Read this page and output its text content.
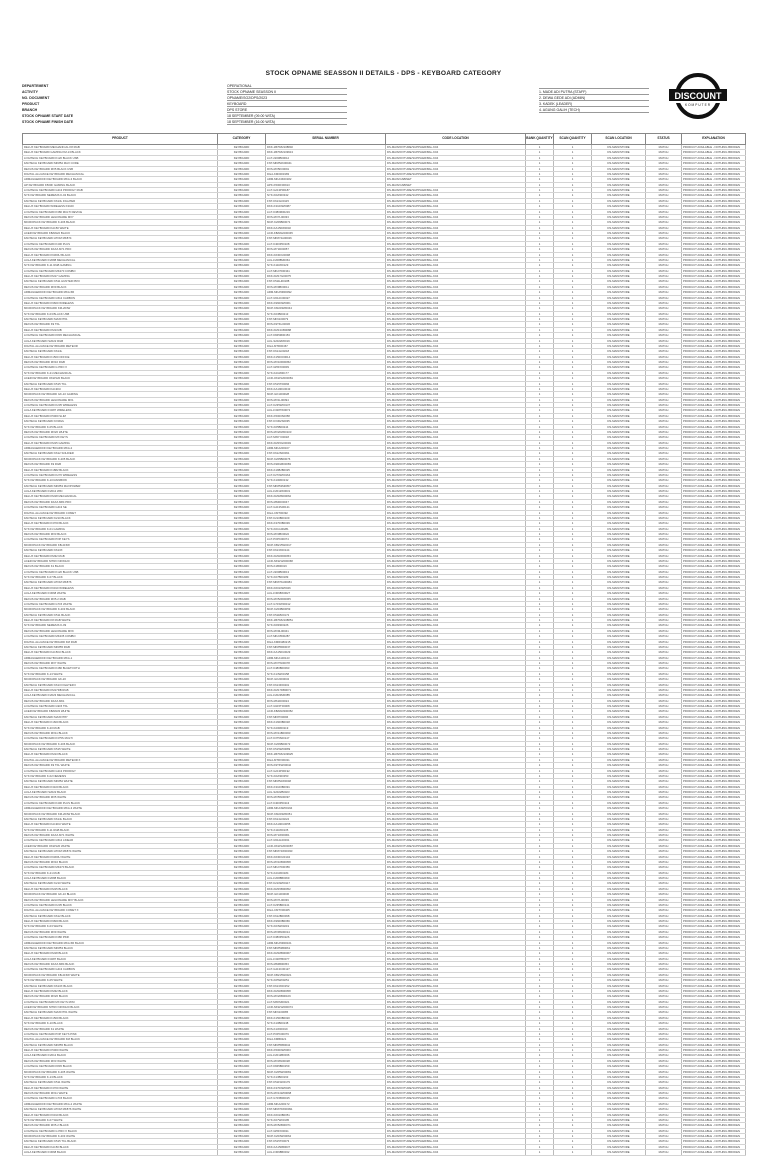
STOCK OPNAME SEASSON II DETAILS - DPS - KEYBOARD CATEGORY
DEPARTEMENT	OPERATIONAL
ACTIVITY	STOCK OPNAME SEASSON II
NO. DOCUMENT	OPNAME/SO2/DPS/2023
PRODUCT	KEYBOARD
BRANCH	DPS STORE
STOCK OPNAME START DATE	18 SEPTEMBER (09.00 WITA)
STOCK OPNAME FINISH DATE	18 SEPTEMBER (16.00 WITA)
1. MADE ADI PUTRA (STAFF)
2. DEWA GEDE ADI (ADMIN)
3. KADEK (LEADER)
4. AGUNG GALIH (TECH)
DISCOUNT
KOMPUTER
PRODUCT	CATEGORY	SERIAL NUMBER	CODE LOCATION	BANK QUANTITY	SCAN QUANTITY	SCAN LOCATION	STATUS	EXPLANATION
DELUX KEYBOARD MECHANICAL K8 RGB	KEYBOARD	DKK-1B7K82108840	DS-MAIN/FIXTURE/SUPPLIER/BAL-K04	1	1	DS-MAIN/STORE	MATCH	PRODUCT AVAILABLE - NOTHING BROKEN
DELUX KEYBOARD GAMING KM-13 BLACK	KEYBOARD	DKK-1B7K82109913	DS-MAIN/FIXTURE/SUPPLIER/BAL-K04	1	1	DS-MAIN/STORE	MATCH	PRODUCT AVAILABLE - NOTHING BROKEN
LOGITECH KEYBOARD K120 BLACK USB	KEYBOARD	LGT-2200B00012	DS-MAIN/FIXTURE/SUPPLIER/BAL-K04	1	1	DS-MAIN/STORE	MATCH	PRODUCT AVAILABLE - NOTHING BROKEN
FANTECH KEYBOARD MK852 MAX CORE	KEYBOARD	FNT-MK852K00041	DS-MAIN/FIXTURE/SUPPLIER/BAL-K04	1	1	DS-MAIN/STORE	MATCH	PRODUCT AVAILABLE - NOTHING BROKEN
REXUS KEYBOARD MX5 BLACK USB	KEYBOARD	RXS-MX5K00091	DS-MAIN/FIXTURE/SUPPLIER/BAL-K04	1	1	DS-MAIN/STORE	MATCH	PRODUCT AVAILABLE - NOTHING BROKEN
DIGITAL ALLIANCE KEYBOARD MECHANICAL	KEYBOARD	DGA-KM0001983	DS-MAIN/FIXTURE/SUPPLIER/BAL-K04	1	1	DS-MAIN/STORE	MATCH	PRODUCT AVAILABLE - NOTHING BROKEN
ARMAGGEDDON KEYBOARD MKA-3 BLACK	KEYBOARD	ARM-MKA3K00182	DS-MAIN/CABINET	1	1	DS-MAIN/STORE	MATCH	PRODUCT AVAILABLE - NOTHING BROKEN
HP KEYBOARD K500F GAMING BLACK	KEYBOARD	HPK-K500F00913	DS-MAIN/CABINET	1	1	DS-MAIN/STORE	MATCH	PRODUCT AVAILABLE - NOTHING BROKEN
LOGITECH KEYBOARD G213 PRODIGY RGB	KEYBOARD	LGT-G213P00187	DS-MAIN/FIXTURE/SUPPLIER/BAL-K04	1	1	DS-MAIN/STORE	MATCH	PRODUCT AVAILABLE - NOTHING BROKEN
NYK KEYBOARD NEMESIS K-02 BLACK	KEYBOARD	NYK-K02N00342	DS-MAIN/FIXTURE/SUPPLIER/BAL-K04	1	1	DS-MAIN/STORE	MATCH	PRODUCT AVAILABLE - NOTHING BROKEN
FANTECH KEYBOARD K613L FIGHTER	KEYBOARD	FNT-K613L00115	DS-MAIN/FIXTURE/SUPPLIER/BAL-K04	1	1	DS-MAIN/STORE	MATCH	PRODUCT AVAILABLE - NOTHING BROKEN
DELUX KEYBOARD WIRELESS K3100	KEYBOARD	DKK-K3100W0087	DS-MAIN/FIXTURE/SUPPLIER/BAL-K04	1	1	DS-MAIN/STORE	MATCH	PRODUCT AVAILABLE - NOTHING BROKEN
LOGITECH KEYBOARD K380 MULTI DEVICE	KEYBOARD	LGT-K380M00219	DS-MAIN/FIXTURE/SUPPLIER/BAL-K04	1	1	DS-MAIN/STORE	MATCH	PRODUCT AVAILABLE - NOTHING BROKEN
REXUS KEYBOARD LEGIONARE MX7	KEYBOARD	RXS-MX7L00033	DS-MAIN/FIXTURE/SUPPLIER/BAL-K04	1	1	DS-MAIN/STORE	MATCH	PRODUCT AVAILABLE - NOTHING BROKEN
MICROPACK KEYBOARD K-206 BLACK	KEYBOARD	MCP-K206B00071	DS-MAIN/FIXTURE/SUPPLIER/BAL-K04	1	1	DS-MAIN/STORE	MATCH	PRODUCT AVAILABLE - NOTHING BROKEN
DELUX KEYBOARD KA150 WHITE	KEYBOARD	DKK-KA150W0032	DS-MAIN/FIXTURE/SUPPLIER/BAL-K04	1	1	DS-MAIN/STORE	MATCH	PRODUCT AVAILABLE - NOTHING BROKEN
ACER KEYBOARD KBAW22 BLACK	KEYBOARD	ACR-KBAW2200045	DS-MAIN/FIXTURE/SUPPLIER/BAL-K04	1	1	DS-MAIN/STORE	MATCH	PRODUCT AVAILABLE - NOTHING BROKEN
FANTECH KEYBOARD ATOM MK874	KEYBOARD	FNT-MK874A00026	DS-MAIN/FIXTURE/SUPPLIER/BAL-K04	1	1	DS-MAIN/STORE	MATCH	PRODUCT AVAILABLE - NOTHING BROKEN
LOGITECH KEYBOARD K400 PLUS	KEYBOARD	LGT-K400P00108	DS-MAIN/FIXTURE/SUPPLIER/BAL-K04	1	1	DS-MAIN/STORE	MATCH	PRODUCT AVAILABLE - NOTHING BROKEN
REXUS KEYBOARD DAXA M71 PRO	KEYBOARD	RXS-M71D00057	DS-MAIN/FIXTURE/SUPPLIER/BAL-K04	1	1	DS-MAIN/STORE	MATCH	PRODUCT AVAILABLE - NOTHING BROKEN
DELUX KEYBOARD K6300U BLACK	KEYBOARD	DKK-K6300U0098	DS-MAIN/FIXTURE/SUPPLIER/BAL-K04	1	1	DS-MAIN/STORE	MATCH	PRODUCT AVAILABLE - NOTHING BROKEN
AULA KEYBOARD F2088 MECHANICAL	KEYBOARD	AUL-F2088M0064	DS-MAIN/FIXTURE/SUPPLIER/BAL-K04	1	1	DS-MAIN/STORE	MATCH	PRODUCT AVAILABLE - NOTHING BROKEN
NYK KEYBOARD K-11 RGB GAMING	KEYBOARD	NYK-K11R00129	DS-MAIN/FIXTURE/SUPPLIER/BAL-K04	1	1	DS-MAIN/STORE	MATCH	PRODUCT AVAILABLE - NOTHING BROKEN
LOGITECH KEYBOARD MK270 COMBO	KEYBOARD	LGT-MK27000341	DS-MAIN/FIXTURE/SUPPLIER/BAL-K04	1	1	DS-MAIN/STORE	MATCH	PRODUCT AVAILABLE - NOTHING BROKEN
DELUX KEYBOARD KM17 GAMING	KEYBOARD	DKK-KM17G00075	DS-MAIN/FIXTURE/SUPPLIER/BAL-K04	1	1	DS-MAIN/STORE	MATCH	PRODUCT AVAILABLE - NOTHING BROKEN
FANTECH KEYBOARD K511 HUNTER PRO	KEYBOARD	FNT-K511H00188	DS-MAIN/FIXTURE/SUPPLIER/BAL-K04	1	1	DS-MAIN/STORE	MATCH	PRODUCT AVAILABLE - NOTHING BROKEN
REXUS KEYBOARD MX9 BLACK	KEYBOARD	RXS-MX9B00011	DS-MAIN/FIXTURE/SUPPLIER/BAL-K04	1	1	DS-MAIN/STORE	MATCH	PRODUCT AVAILABLE - NOTHING BROKEN
ARMAGGEDDON KEYBOARD MKA-5R	KEYBOARD	ARM-MKA5R00092	DS-MAIN/FIXTURE/SUPPLIER/BAL-K04	1	1	DS-MAIN/STORE	MATCH	PRODUCT AVAILABLE - NOTHING BROKEN
LOGITECH KEYBOARD G512 CARBON	KEYBOARD	LGT-G512C00027	DS-MAIN/FIXTURE/SUPPLIER/BAL-K04	1	1	DS-MAIN/STORE	MATCH	PRODUCT AVAILABLE - NOTHING BROKEN
DELUX KEYBOARD K9600 WIRELESS	KEYBOARD	DKK-K9600W0061	DS-MAIN/FIXTURE/SUPPLIER/BAL-K04	1	1	DS-MAIN/STORE	MATCH	PRODUCT AVAILABLE - NOTHING BROKEN
MICROPACK KEYBOARD KM-203W	KEYBOARD	MCP-KM203W0044	DS-MAIN/FIXTURE/SUPPLIER/BAL-K04	1	1	DS-MAIN/STORE	MATCH	PRODUCT AVAILABLE - NOTHING BROKEN
NYK KEYBOARD K-03 BLACK USB	KEYBOARD	NYK-K03B00213	DS-MAIN/FIXTURE/SUPPLIER/BAL-K04	1	1	DS-MAIN/STORE	MATCH	PRODUCT AVAILABLE - NOTHING BROKEN
FANTECH KEYBOARD MAXFIT61	KEYBOARD	FNT-MF6100079	DS-MAIN/FIXTURE/SUPPLIER/BAL-K04	1	1	DS-MAIN/STORE	MATCH	PRODUCT AVAILABLE - NOTHING BROKEN
REXUS KEYBOARD K9 TKL	KEYBOARD	RXS-K9TKL00036	DS-MAIN/FIXTURE/SUPPLIER/BAL-K04	1	1	DS-MAIN/STORE	MATCH	PRODUCT AVAILABLE - NOTHING BROKEN
DELUX KEYBOARD KM13UB	KEYBOARD	DKK-KM13UB0088	DS-MAIN/FIXTURE/SUPPLIER/BAL-K04	1	1	DS-MAIN/STORE	MATCH	PRODUCT AVAILABLE - NOTHING BROKEN
LOGITECH KEYBOARD K845 MECHANICAL	KEYBOARD	LGT-K845M00153	DS-MAIN/FIXTURE/SUPPLIER/BAL-K04	1	1	DS-MAIN/STORE	MATCH	PRODUCT AVAILABLE - NOTHING BROKEN
AULA KEYBOARD S2022 RGB	KEYBOARD	AUL-S2022R0019	DS-MAIN/FIXTURE/SUPPLIER/BAL-K04	1	1	DS-MAIN/STORE	MATCH	PRODUCT AVAILABLE - NOTHING BROKEN
DIGITAL ALLIANCE KEYBOARD METEOR	KEYBOARD	DGA-MTR00467	DS-MAIN/FIXTURE/SUPPLIER/BAL-K04	1	1	DS-MAIN/STORE	MATCH	PRODUCT AVAILABLE - NOTHING BROKEN
FANTECH KEYBOARD K614L	KEYBOARD	FNT-K614L00218	DS-MAIN/FIXTURE/SUPPLIER/BAL-K04	1	1	DS-MAIN/STORE	MATCH	PRODUCT AVAILABLE - NOTHING BROKEN
DELUX KEYBOARD K1500 OFFICE	KEYBOARD	DKK-K1500O0014	DS-MAIN/FIXTURE/SUPPLIER/BAL-K04	1	1	DS-MAIN/STORE	MATCH	PRODUCT AVAILABLE - NOTHING BROKEN
REXUS KEYBOARD MX10 RGB	KEYBOARD	RXS-MX10R00052	DS-MAIN/FIXTURE/SUPPLIER/BAL-K04	1	1	DS-MAIN/STORE	MATCH	PRODUCT AVAILABLE - NOTHING BROKEN
LOGITECH KEYBOARD G PRO X	KEYBOARD	LGT-GPRX00009	DS-MAIN/FIXTURE/SUPPLIER/BAL-K04	1	1	DS-MAIN/STORE	MATCH	PRODUCT AVAILABLE - NOTHING BROKEN
NYK KEYBOARD K-21 MECHANICAL	KEYBOARD	NYK-K21M00177	DS-MAIN/FIXTURE/SUPPLIER/BAL-K04	1	1	DS-MAIN/STORE	MATCH	PRODUCT AVAILABLE - NOTHING BROKEN
ACER KEYBOARD OKW120 BLACK	KEYBOARD	ACR-OKW12000081	DS-MAIN/FIXTURE/SUPPLIER/BAL-K04	1	1	DS-MAIN/STORE	MATCH	PRODUCT AVAILABLE - NOTHING BROKEN
FANTECH KEYBOARD K515 TKL	KEYBOARD	FNT-K515T00066	DS-MAIN/FIXTURE/SUPPLIER/BAL-K04	1	1	DS-MAIN/STORE	MATCH	PRODUCT AVAILABLE - NOTHING BROKEN
DELUX KEYBOARD KA190U	KEYBOARD	DKK-KA190U0043	DS-MAIN/FIXTURE/SUPPLIER/BAL-K04	1	1	DS-MAIN/STORE	MATCH	PRODUCT AVAILABLE - NOTHING BROKEN
MICROPACK KEYBOARD GK-10 GAMING	KEYBOARD	MCP-GK1000028	DS-MAIN/FIXTURE/SUPPLIER/BAL-K04	1	1	DS-MAIN/STORE	MATCH	PRODUCT AVAILABLE - NOTHING BROKEN
REXUS KEYBOARD LEGIONARE MX1	KEYBOARD	RXS-MX1L00094	DS-MAIN/FIXTURE/SUPPLIER/BAL-K04	1	1	DS-MAIN/STORE	MATCH	PRODUCT AVAILABLE - NOTHING BROKEN
LOGITECH KEYBOARD K235 WIRELESS	KEYBOARD	LGT-K235W00137	DS-MAIN/FIXTURE/SUPPLIER/BAL-K04	1	1	DS-MAIN/STORE	MATCH	PRODUCT AVAILABLE - NOTHING BROKEN
AULA KEYBOARD F3287 WIRELESS	KEYBOARD	AUL-F3287W0072	DS-MAIN/FIXTURE/SUPPLIER/BAL-K04	1	1	DS-MAIN/STORE	MATCH	PRODUCT AVAILABLE - NOTHING BROKEN
DELUX KEYBOARD K5000 SLIM	KEYBOARD	DKK-K5000S0058	DS-MAIN/FIXTURE/SUPPLIER/BAL-K04	1	1	DS-MAIN/STORE	MATCH	PRODUCT AVAILABLE - NOTHING BROKEN
FANTECH KEYBOARD KX302s	KEYBOARD	FNT-KX302S0035	DS-MAIN/FIXTURE/SUPPLIER/BAL-K04	1	1	DS-MAIN/STORE	MATCH	PRODUCT AVAILABLE - NOTHING BROKEN
NYK KEYBOARD K-05 BLACK	KEYBOARD	NYK-K05B00244	DS-MAIN/FIXTURE/SUPPLIER/BAL-K04	1	1	DS-MAIN/STORE	MATCH	PRODUCT AVAILABLE - NOTHING BROKEN
REXUS KEYBOARD MX20 WHITE	KEYBOARD	RXS-MX20W00103	DS-MAIN/FIXTURE/SUPPLIER/BAL-K04	1	1	DS-MAIN/STORE	MATCH	PRODUCT AVAILABLE - NOTHING BROKEN
LOGITECH KEYBOARD MX KEYS	KEYBOARD	LGT-MXKY00018	DS-MAIN/FIXTURE/SUPPLIER/BAL-K04	1	1	DS-MAIN/STORE	MATCH	PRODUCT AVAILABLE - NOTHING BROKEN
DELUX KEYBOARD KM15 GAMING	KEYBOARD	DKK-KM15G00049	DS-MAIN/FIXTURE/SUPPLIER/BAL-K04	1	1	DS-MAIN/STORE	MATCH	PRODUCT AVAILABLE - NOTHING BROKEN
ARMAGGEDDON KEYBOARD MKA-2	KEYBOARD	ARM-MKA200167	DS-MAIN/FIXTURE/SUPPLIER/BAL-K04	1	1	DS-MAIN/STORE	MATCH	PRODUCT AVAILABLE - NOTHING BROKEN
FANTECH KEYBOARD K612 SOLDIER	KEYBOARD	FNT-K612S00091	DS-MAIN/FIXTURE/SUPPLIER/BAL-K04	1	1	DS-MAIN/STORE	MATCH	PRODUCT AVAILABLE - NOTHING BROKEN
MICROPACK KEYBOARD K-205 BLACK	KEYBOARD	MCP-K205B00076	DS-MAIN/FIXTURE/SUPPLIER/BAL-K04	1	1	DS-MAIN/STORE	MATCH	PRODUCT AVAILABLE - NOTHING BROKEN
REXUS KEYBOARD K9 RGB	KEYBOARD	RXS-K9RGB00083	DS-MAIN/FIXTURE/SUPPLIER/BAL-K04	1	1	DS-MAIN/STORE	MATCH	PRODUCT AVAILABLE - NOTHING BROKEN
DELUX KEYBOARD K1882 BLACK	KEYBOARD	DKK-K1882B0025	DS-MAIN/FIXTURE/SUPPLIER/BAL-K04	1	1	DS-MAIN/STORE	MATCH	PRODUCT AVAILABLE - NOTHING BROKEN
LOGITECH KEYBOARD K270 WIRELESS	KEYBOARD	LGT-K270W00164	DS-MAIN/FIXTURE/SUPPLIER/BAL-K04	1	1	DS-MAIN/STORE	MATCH	PRODUCT AVAILABLE - NOTHING BROKEN
NYK KEYBOARD K-10 RAINBOW	KEYBOARD	NYK-K10R00132	DS-MAIN/FIXTURE/SUPPLIER/BAL-K04	1	1	DS-MAIN/STORE	MATCH	PRODUCT AVAILABLE - NOTHING BROKEN
FANTECH KEYBOARD MK853 MAXPOWER	KEYBOARD	FNT-MK853M0057	DS-MAIN/FIXTURE/SUPPLIER/BAL-K04	1	1	DS-MAIN/STORE	MATCH	PRODUCT AVAILABLE - NOTHING BROKEN
AULA KEYBOARD F2012 WIN	KEYBOARD	AUL-F2012W0031	DS-MAIN/FIXTURE/SUPPLIER/BAL-K04	1	1	DS-MAIN/STORE	MATCH	PRODUCT AVAILABLE - NOTHING BROKEN
DELUX KEYBOARD KM18 MECHANICAL	KEYBOARD	DKK-KM18M00062	DS-MAIN/FIXTURE/SUPPLIER/BAL-K04	1	1	DS-MAIN/STORE	MATCH	PRODUCT AVAILABLE - NOTHING BROKEN
REXUS KEYBOARD DAXA M84 PRO	KEYBOARD	RXS-M84D00047	DS-MAIN/FIXTURE/SUPPLIER/BAL-K04	1	1	DS-MAIN/STORE	MATCH	PRODUCT AVAILABLE - NOTHING BROKEN
LOGITECH KEYBOARD G413 SE	KEYBOARD	LGT-G413S00121	DS-MAIN/FIXTURE/SUPPLIER/BAL-K04	1	1	DS-MAIN/STORE	MATCH	PRODUCT AVAILABLE - NOTHING BROKEN
DIGITAL ALLIANCE KEYBOARD COMET	KEYBOARD	DGA-CMT00392	DS-MAIN/FIXTURE/SUPPLIER/BAL-K04	1	1	DS-MAIN/STORE	MATCH	PRODUCT AVAILABLE - NOTHING BROKEN
FANTECH KEYBOARD K210 BLACK	KEYBOARD	FNT-K210B00109	DS-MAIN/FIXTURE/SUPPLIER/BAL-K04	1	1	DS-MAIN/STORE	MATCH	PRODUCT AVAILABLE - NOTHING BROKEN
DELUX KEYBOARD K3700 BLACK	KEYBOARD	DKK-K3700B0039	DS-MAIN/FIXTURE/SUPPLIER/BAL-K04	1	1	DS-MAIN/STORE	MATCH	PRODUCT AVAILABLE - NOTHING BROKEN
NYK KEYBOARD K-01 GAMING	KEYBOARD	NYK-K01G00281	DS-MAIN/FIXTURE/SUPPLIER/BAL-K04	1	1	DS-MAIN/STORE	MATCH	PRODUCT AVAILABLE - NOTHING BROKEN
REXUS KEYBOARD MX3 BLACK	KEYBOARD	RXS-MX3B00022	DS-MAIN/FIXTURE/SUPPLIER/BAL-K04	1	1	DS-MAIN/STORE	MATCH	PRODUCT AVAILABLE - NOTHING BROKEN
LOGITECH KEYBOARD POP KEYS	KEYBOARD	LGT-POPK00074	DS-MAIN/FIXTURE/SUPPLIER/BAL-K04	1	1	DS-MAIN/STORE	MATCH	PRODUCT AVAILABLE - NOTHING BROKEN
MICROPACK KEYBOARD KB-215W	KEYBOARD	MCP-KB215W0017	DS-MAIN/FIXTURE/SUPPLIER/BAL-K04	1	1	DS-MAIN/STORE	MATCH	PRODUCT AVAILABLE - NOTHING BROKEN
FANTECH KEYBOARD K613X	KEYBOARD	FNT-K613X00144	DS-MAIN/FIXTURE/SUPPLIER/BAL-K04	1	1	DS-MAIN/STORE	MATCH	PRODUCT AVAILABLE - NOTHING BROKEN
DELUX KEYBOARD KM32 RGB	KEYBOARD	DKK-KM32R00053	DS-MAIN/FIXTURE/SUPPLIER/BAL-K04	1	1	DS-MAIN/STORE	MATCH	PRODUCT AVAILABLE - NOTHING BROKEN
ACER KEYBOARD NITRO NKW120	KEYBOARD	ACR-NKW12000068	DS-MAIN/FIXTURE/SUPPLIER/BAL-K04	1	1	DS-MAIN/STORE	MATCH	PRODUCT AVAILABLE - NOTHING BROKEN
REXUS KEYBOARD K1 BLACK	KEYBOARD	RXS-K1B00016	DS-MAIN/FIXTURE/SUPPLIER/BAL-K04	1	1	DS-MAIN/STORE	MATCH	PRODUCT AVAILABLE - NOTHING BROKEN
LOGITECH KEYBOARD K120 BLACK USB	KEYBOARD	LGT-2200B00013	DS-MAIN/FIXTURE/SUPPLIER/BAL-K04	1	1	DS-MAIN/STORE	MATCH	PRODUCT AVAILABLE - NOTHING BROKEN
NYK KEYBOARD K-07 BLACK	KEYBOARD	NYK-K07B00189	DS-MAIN/FIXTURE/SUPPLIER/BAL-K04	1	1	DS-MAIN/STORE	MATCH	PRODUCT AVAILABLE - NOTHING BROKEN
FANTECH KEYBOARD ATOM MK876	KEYBOARD	FNT-MK876A00084	DS-MAIN/FIXTURE/SUPPLIER/BAL-K04	1	1	DS-MAIN/STORE	MATCH	PRODUCT AVAILABLE - NOTHING BROKEN
DELUX KEYBOARD K6010 WIRELESS	KEYBOARD	DKK-K6010W0046	DS-MAIN/FIXTURE/SUPPLIER/BAL-K04	1	1	DS-MAIN/STORE	MATCH	PRODUCT AVAILABLE - NOTHING BROKEN
AULA KEYBOARD F3068 WHITE	KEYBOARD	AUL-F3068W0027	DS-MAIN/FIXTURE/SUPPLIER/BAL-K04	1	1	DS-MAIN/STORE	MATCH	PRODUCT AVAILABLE - NOTHING BROKEN
REXUS KEYBOARD MX5.2 RGB	KEYBOARD	RXS-MX52R00065	DS-MAIN/FIXTURE/SUPPLIER/BAL-K04	1	1	DS-MAIN/STORE	MATCH	PRODUCT AVAILABLE - NOTHING BROKEN
LOGITECH KEYBOARD G715 WHITE	KEYBOARD	LGT-G715W00012	DS-MAIN/FIXTURE/SUPPLIER/BAL-K04	1	1	DS-MAIN/STORE	MATCH	PRODUCT AVAILABLE - NOTHING BROKEN
MICROPACK KEYBOARD K-203 BLACK	KEYBOARD	MCP-K203B00059	DS-MAIN/FIXTURE/SUPPLIER/BAL-K04	1	1	DS-MAIN/STORE	MATCH	PRODUCT AVAILABLE - NOTHING BROKEN
FANTECH KEYBOARD K511 BLACK	KEYBOARD	FNT-K511B00172	DS-MAIN/FIXTURE/SUPPLIER/BAL-K04	1	1	DS-MAIN/STORE	MATCH	PRODUCT AVAILABLE - NOTHING BROKEN
DELUX KEYBOARD K8 RGB WHITE	KEYBOARD	DKK-1B7K82108851	DS-MAIN/FIXTURE/SUPPLIER/BAL-K04	1	1	DS-MAIN/STORE	MATCH	PRODUCT AVAILABLE - NOTHING BROKEN
NYK KEYBOARD NEMESIS K-09	KEYBOARD	NYK-K09N00226	DS-MAIN/FIXTURE/SUPPLIER/BAL-K04	1	1	DS-MAIN/STORE	MATCH	PRODUCT AVAILABLE - NOTHING BROKEN
REXUS KEYBOARD LEGIONARE MX9	KEYBOARD	RXS-MX9L00041	DS-MAIN/FIXTURE/SUPPLIER/BAL-K04	1	1	DS-MAIN/STORE	MATCH	PRODUCT AVAILABLE - NOTHING BROKEN
LOGITECH KEYBOARD MK235 COMBO	KEYBOARD	LGT-MK23500287	DS-MAIN/FIXTURE/SUPPLIER/BAL-K04	1	1	DS-MAIN/STORE	MATCH	PRODUCT AVAILABLE - NOTHING BROKEN
DIGITAL ALLIANCE KEYBOARD KM RGB	KEYBOARD	DGA-KMRGB0215	DS-MAIN/FIXTURE/SUPPLIER/BAL-K04	1	1	DS-MAIN/STORE	MATCH	PRODUCT AVAILABLE - NOTHING BROKEN
FANTECH KEYBOARD MK855 RGB	KEYBOARD	FNT-MK855R0037	DS-MAIN/FIXTURE/SUPPLIER/BAL-K04	1	1	DS-MAIN/STORE	MATCH	PRODUCT AVAILABLE - NOTHING BROKEN
DELUX KEYBOARD KA150U BLACK	KEYBOARD	DKK-KA150U0029	DS-MAIN/FIXTURE/SUPPLIER/BAL-K04	1	1	DS-MAIN/STORE	MATCH	PRODUCT AVAILABLE - NOTHING BROKEN
ARMAGGEDDON KEYBOARD MKA-1	KEYBOARD	ARM-MKA100143	DS-MAIN/FIXTURE/SUPPLIER/BAL-K04	1	1	DS-MAIN/STORE	MATCH	PRODUCT AVAILABLE - NOTHING BROKEN
REXUS KEYBOARD MX7 WHITE	KEYBOARD	RXS-MX7W00078	DS-MAIN/FIXTURE/SUPPLIER/BAL-K04	1	1	DS-MAIN/STORE	MATCH	PRODUCT AVAILABLE - NOTHING BROKEN
LOGITECH KEYBOARD K480 BLUETOOTH	KEYBOARD	LGT-K480B00093	DS-MAIN/FIXTURE/SUPPLIER/BAL-K04	1	1	DS-MAIN/STORE	MATCH	PRODUCT AVAILABLE - NOTHING BROKEN
NYK KEYBOARD K-13 WHITE	KEYBOARD	NYK-K13W00158	DS-MAIN/FIXTURE/SUPPLIER/BAL-K04	1	1	DS-MAIN/STORE	MATCH	PRODUCT AVAILABLE - NOTHING BROKEN
MICROPACK KEYBOARD GK-20	KEYBOARD	MCP-GK2000034	DS-MAIN/FIXTURE/SUPPLIER/BAL-K04	1	1	DS-MAIN/STORE	MATCH	PRODUCT AVAILABLE - NOTHING BROKEN
FANTECH KEYBOARD K613 FIGHTER II	KEYBOARD	FNT-K613F00201	DS-MAIN/FIXTURE/SUPPLIER/BAL-K04	1	1	DS-MAIN/STORE	MATCH	PRODUCT AVAILABLE - NOTHING BROKEN
DELUX KEYBOARD KM17DB RGB	KEYBOARD	DKK-KM17DB0071	DS-MAIN/FIXTURE/SUPPLIER/BAL-K04	1	1	DS-MAIN/STORE	MATCH	PRODUCT AVAILABLE - NOTHING BROKEN
AULA KEYBOARD F2023 MECHANICAL	KEYBOARD	AUL-F2023M0085	DS-MAIN/FIXTURE/SUPPLIER/BAL-K04	1	1	DS-MAIN/STORE	MATCH	PRODUCT AVAILABLE - NOTHING BROKEN
REXUS KEYBOARD DAXA M61	KEYBOARD	RXS-M61D00024	DS-MAIN/FIXTURE/SUPPLIER/BAL-K04	1	1	DS-MAIN/STORE	MATCH	PRODUCT AVAILABLE - NOTHING BROKEN
LOGITECH KEYBOARD G915 TKL	KEYBOARD	LGT-G915T00008	DS-MAIN/FIXTURE/SUPPLIER/BAL-K04	1	1	DS-MAIN/STORE	MATCH	PRODUCT AVAILABLE - NOTHING BROKEN
ACER KEYBOARD KBAW33 WHITE	KEYBOARD	ACR-KBAW3300052	DS-MAIN/FIXTURE/SUPPLIER/BAL-K04	1	1	DS-MAIN/STORE	MATCH	PRODUCT AVAILABLE - NOTHING BROKEN
FANTECH KEYBOARD MAXFIT87	KEYBOARD	FNT-MF8700096	DS-MAIN/FIXTURE/SUPPLIER/BAL-K04	1	1	DS-MAIN/STORE	MATCH	PRODUCT AVAILABLE - NOTHING BROKEN
DELUX KEYBOARD K1600 BLACK	KEYBOARD	DKK-K1600B0018	DS-MAIN/FIXTURE/SUPPLIER/BAL-K04	1	1	DS-MAIN/STORE	MATCH	PRODUCT AVAILABLE - NOTHING BROKEN
NYK KEYBOARD K-20 RGB	KEYBOARD	NYK-K20R00119	DS-MAIN/FIXTURE/SUPPLIER/BAL-K04	1	1	DS-MAIN/STORE	MATCH	PRODUCT AVAILABLE - NOTHING BROKEN
REXUS KEYBOARD MX11 BLACK	KEYBOARD	RXS-MX11B00063	DS-MAIN/FIXTURE/SUPPLIER/BAL-K04	1	1	DS-MAIN/STORE	MATCH	PRODUCT AVAILABLE - NOTHING BROKEN
LOGITECH KEYBOARD K375S MULTI	KEYBOARD	LGT-K375S00147	DS-MAIN/FIXTURE/SUPPLIER/BAL-K04	1	1	DS-MAIN/STORE	MATCH	PRODUCT AVAILABLE - NOTHING BROKEN
MICROPACK KEYBOARD K-206 BLACK	KEYBOARD	MCP-K206B00072	DS-MAIN/FIXTURE/SUPPLIER/BAL-K04	1	1	DS-MAIN/STORE	MATCH	PRODUCT AVAILABLE - NOTHING BROKEN
FANTECH KEYBOARD K515 WHITE	KEYBOARD	FNT-K515W00089	DS-MAIN/FIXTURE/SUPPLIER/BAL-K04	1	1	DS-MAIN/STORE	MATCH	PRODUCT AVAILABLE - NOTHING BROKEN
DELUX KEYBOARD KM13 BLACK	KEYBOARD	DKK-1B7K82109925	DS-MAIN/FIXTURE/SUPPLIER/BAL-K04	1	1	DS-MAIN/STORE	MATCH	PRODUCT AVAILABLE - NOTHING BROKEN
DIGITAL ALLIANCE KEYBOARD METEOR X	KEYBOARD	DGA-MTRX00321	DS-MAIN/FIXTURE/SUPPLIER/BAL-K04	1	1	DS-MAIN/STORE	MATCH	PRODUCT AVAILABLE - NOTHING BROKEN
REXUS KEYBOARD K9 TKL WHITE	KEYBOARD	RXS-K9TKW00042	DS-MAIN/FIXTURE/SUPPLIER/BAL-K04	1	1	DS-MAIN/STORE	MATCH	PRODUCT AVAILABLE - NOTHING BROKEN
LOGITECH KEYBOARD G213 PRODIGY	KEYBOARD	LGT-G213P00192	DS-MAIN/FIXTURE/SUPPLIER/BAL-K04	1	1	DS-MAIN/STORE	MATCH	PRODUCT AVAILABLE - NOTHING BROKEN
NYK KEYBOARD K-02 NEMESIS	KEYBOARD	NYK-K02N00353	DS-MAIN/FIXTURE/SUPPLIER/BAL-K04	1	1	DS-MAIN/STORE	MATCH	PRODUCT AVAILABLE - NOTHING BROKEN
FANTECH KEYBOARD MK852 WHITE	KEYBOARD	FNT-MK852W0048	DS-MAIN/FIXTURE/SUPPLIER/BAL-K04	1	1	DS-MAIN/STORE	MATCH	PRODUCT AVAILABLE - NOTHING BROKEN
DELUX KEYBOARD K3100 BLACK	KEYBOARD	DKK-K3100B0091	DS-MAIN/FIXTURE/SUPPLIER/BAL-K04	1	1	DS-MAIN/STORE	MATCH	PRODUCT AVAILABLE - NOTHING BROKEN
AULA KEYBOARD S2022 BLACK	KEYBOARD	AUL-S2022B0023	DS-MAIN/FIXTURE/SUPPLIER/BAL-K04	1	1	DS-MAIN/STORE	MATCH	PRODUCT AVAILABLE - NOTHING BROKEN
REXUS KEYBOARD MX5 WHITE	KEYBOARD	RXS-MX5W00097	DS-MAIN/FIXTURE/SUPPLIER/BAL-K04	1	1	DS-MAIN/STORE	MATCH	PRODUCT AVAILABLE - NOTHING BROKEN
LOGITECH KEYBOARD K400 PLUS BLACK	KEYBOARD	LGT-K400P00113	DS-MAIN/FIXTURE/SUPPLIER/BAL-K04	1	1	DS-MAIN/STORE	MATCH	PRODUCT AVAILABLE - NOTHING BROKEN
ARMAGGEDDON KEYBOARD MKA-3 WHITE	KEYBOARD	ARM-MKA3W00194	DS-MAIN/FIXTURE/SUPPLIER/BAL-K04	1	1	DS-MAIN/STORE	MATCH	PRODUCT AVAILABLE - NOTHING BROKEN
MICROPACK KEYBOARD KM-203W BLACK	KEYBOARD	MCP-KM203W0051	DS-MAIN/FIXTURE/SUPPLIER/BAL-K04	1	1	DS-MAIN/STORE	MATCH	PRODUCT AVAILABLE - NOTHING BROKEN
FANTECH KEYBOARD K614L BLACK	KEYBOARD	FNT-K614L00224	DS-MAIN/FIXTURE/SUPPLIER/BAL-K04	1	1	DS-MAIN/STORE	MATCH	PRODUCT AVAILABLE - NOTHING BROKEN
DELUX KEYBOARD KA190U WHITE	KEYBOARD	DKK-KA190U0055	DS-MAIN/FIXTURE/SUPPLIER/BAL-K04	1	1	DS-MAIN/STORE	MATCH	PRODUCT AVAILABLE - NOTHING BROKEN
NYK KEYBOARD K-11 RGB BLACK	KEYBOARD	NYK-K11R00135	DS-MAIN/FIXTURE/SUPPLIER/BAL-K04	1	1	DS-MAIN/STORE	MATCH	PRODUCT AVAILABLE - NOTHING BROKEN
REXUS KEYBOARD DAXA M71 WHITE	KEYBOARD	RXS-M71W00061	DS-MAIN/FIXTURE/SUPPLIER/BAL-K04	1	1	DS-MAIN/STORE	MATCH	PRODUCT AVAILABLE - NOTHING BROKEN
LOGITECH KEYBOARD G512 LINEAR	KEYBOARD	LGT-G512L00031	DS-MAIN/FIXTURE/SUPPLIER/BAL-K04	1	1	DS-MAIN/STORE	MATCH	PRODUCT AVAILABLE - NOTHING BROKEN
ACER KEYBOARD OKW120 WHITE	KEYBOARD	ACR-OKW12000087	DS-MAIN/FIXTURE/SUPPLIER/BAL-K04	1	1	DS-MAIN/STORE	MATCH	PRODUCT AVAILABLE - NOTHING BROKEN
FANTECH KEYBOARD ATOM MK874 WHITE	KEYBOARD	FNT-MK874W00033	DS-MAIN/FIXTURE/SUPPLIER/BAL-K04	1	1	DS-MAIN/STORE	MATCH	PRODUCT AVAILABLE - NOTHING BROKEN
DELUX KEYBOARD K6300U WHITE	KEYBOARD	DKK-K6300U0104	DS-MAIN/FIXTURE/SUPPLIER/BAL-K04	1	1	DS-MAIN/STORE	MATCH	PRODUCT AVAILABLE - NOTHING BROKEN
REXUS KEYBOARD MX10 BLACK	KEYBOARD	RXS-MX10B00058	DS-MAIN/FIXTURE/SUPPLIER/BAL-K04	1	1	DS-MAIN/STORE	MATCH	PRODUCT AVAILABLE - NOTHING BROKEN
LOGITECH KEYBOARD MK270 BLACK	KEYBOARD	LGT-MK27000356	DS-MAIN/FIXTURE/SUPPLIER/BAL-K04	1	1	DS-MAIN/STORE	MATCH	PRODUCT AVAILABLE - NOTHING BROKEN
NYK KEYBOARD K-21 RGB	KEYBOARD	NYK-K21R00184	DS-MAIN/FIXTURE/SUPPLIER/BAL-K04	1	1	DS-MAIN/STORE	MATCH	PRODUCT AVAILABLE - NOTHING BROKEN
AULA KEYBOARD F2088 BLACK	KEYBOARD	AUL-F2088B0069	DS-MAIN/FIXTURE/SUPPLIER/BAL-K04	1	1	DS-MAIN/STORE	MATCH	PRODUCT AVAILABLE - NOTHING BROKEN
FANTECH KEYBOARD K210 WHITE	KEYBOARD	FNT-K210W00117	DS-MAIN/FIXTURE/SUPPLIER/BAL-K04	1	1	DS-MAIN/STORE	MATCH	PRODUCT AVAILABLE - NOTHING BROKEN
DELUX KEYBOARD KM15 BLACK	KEYBOARD	DKK-KM15B00052	DS-MAIN/FIXTURE/SUPPLIER/BAL-K04	1	1	DS-MAIN/STORE	MATCH	PRODUCT AVAILABLE - NOTHING BROKEN
MICROPACK KEYBOARD GK-10 BLACK	KEYBOARD	MCP-GK1000036	DS-MAIN/FIXTURE/SUPPLIER/BAL-K04	1	1	DS-MAIN/STORE	MATCH	PRODUCT AVAILABLE - NOTHING BROKEN
REXUS KEYBOARD LEGIONARE MX7 BLACK	KEYBOARD	RXS-MX7L00039	DS-MAIN/FIXTURE/SUPPLIER/BAL-K04	1	1	DS-MAIN/STORE	MATCH	PRODUCT AVAILABLE - NOTHING BROKEN
LOGITECH KEYBOARD K235 BLACK	KEYBOARD	LGT-K235B00141	DS-MAIN/FIXTURE/SUPPLIER/BAL-K04	1	1	DS-MAIN/STORE	MATCH	PRODUCT AVAILABLE - NOTHING BROKEN
DIGITAL ALLIANCE KEYBOARD COMET X	KEYBOARD	DGA-CMTX00405	DS-MAIN/FIXTURE/SUPPLIER/BAL-K04	1	1	DS-MAIN/STORE	MATCH	PRODUCT AVAILABLE - NOTHING BROKEN
FANTECH KEYBOARD K612 BLACK	KEYBOARD	FNT-K612B00098	DS-MAIN/FIXTURE/SUPPLIER/BAL-K04	1	1	DS-MAIN/STORE	MATCH	PRODUCT AVAILABLE - NOTHING BROKEN
DELUX KEYBOARD K9600 BLACK	KEYBOARD	DKK-K9600B0066	DS-MAIN/FIXTURE/SUPPLIER/BAL-K04	1	1	DS-MAIN/STORE	MATCH	PRODUCT AVAILABLE - NOTHING BROKEN
NYK KEYBOARD K-03 WHITE	KEYBOARD	NYK-K03W00219	DS-MAIN/FIXTURE/SUPPLIER/BAL-K04	1	1	DS-MAIN/STORE	MATCH	PRODUCT AVAILABLE - NOTHING BROKEN
REXUS KEYBOARD MX9 WHITE	KEYBOARD	RXS-MX9W00014	DS-MAIN/FIXTURE/SUPPLIER/BAL-K04	1	1	DS-MAIN/STORE	MATCH	PRODUCT AVAILABLE - NOTHING BROKEN
LOGITECH KEYBOARD K380 PINK	KEYBOARD	LGT-K380P00226	DS-MAIN/FIXTURE/SUPPLIER/BAL-K04	1	1	DS-MAIN/STORE	MATCH	PRODUCT AVAILABLE - NOTHING BROKEN
ARMAGGEDDON KEYBOARD MKA-5R BLACK	KEYBOARD	ARM-MKA5R00101	DS-MAIN/FIXTURE/SUPPLIER/BAL-K04	1	1	DS-MAIN/STORE	MATCH	PRODUCT AVAILABLE - NOTHING BROKEN
FANTECH KEYBOARD MK853 BLACK	KEYBOARD	FNT-MK853B0061	DS-MAIN/FIXTURE/SUPPLIER/BAL-K04	1	1	DS-MAIN/STORE	MATCH	PRODUCT AVAILABLE - NOTHING BROKEN
DELUX KEYBOARD KM18 BLACK	KEYBOARD	DKK-KM18B00067	DS-MAIN/FIXTURE/SUPPLIER/BAL-K04	1	1	DS-MAIN/STORE	MATCH	PRODUCT AVAILABLE - NOTHING BROKEN
AULA KEYBOARD F3287 BLACK	KEYBOARD	AUL-F3287B0077	DS-MAIN/FIXTURE/SUPPLIER/BAL-K04	1	1	DS-MAIN/STORE	MATCH	PRODUCT AVAILABLE - NOTHING BROKEN
REXUS KEYBOARD DAXA M84 BLACK	KEYBOARD	RXS-M84B00053	DS-MAIN/FIXTURE/SUPPLIER/BAL-K04	1	1	DS-MAIN/STORE	MATCH	PRODUCT AVAILABLE - NOTHING BROKEN
LOGITECH KEYBOARD G413 CARBON	KEYBOARD	LGT-G413C00127	DS-MAIN/FIXTURE/SUPPLIER/BAL-K04	1	1	DS-MAIN/STORE	MATCH	PRODUCT AVAILABLE - NOTHING BROKEN
MICROPACK KEYBOARD KB-215W WHITE	KEYBOARD	MCP-KB215W0021	DS-MAIN/FIXTURE/SUPPLIER/BAL-K04	1	1	DS-MAIN/STORE	MATCH	PRODUCT AVAILABLE - NOTHING BROKEN
NYK KEYBOARD K-05 WHITE	KEYBOARD	NYK-K05W00251	DS-MAIN/FIXTURE/SUPPLIER/BAL-K04	1	1	DS-MAIN/STORE	MATCH	PRODUCT AVAILABLE - NOTHING BROKEN
FANTECH KEYBOARD K613X BLACK	KEYBOARD	FNT-K613X00152	DS-MAIN/FIXTURE/SUPPLIER/BAL-K04	1	1	DS-MAIN/STORE	MATCH	PRODUCT AVAILABLE - NOTHING BROKEN
DELUX KEYBOARD KM32 BLACK	KEYBOARD	DKK-KM32B00058	DS-MAIN/FIXTURE/SUPPLIER/BAL-K04	1	1	DS-MAIN/STORE	MATCH	PRODUCT AVAILABLE - NOTHING BROKEN
REXUS KEYBOARD MX20 BLACK	KEYBOARD	RXS-MX20B00109	DS-MAIN/FIXTURE/SUPPLIER/BAL-K04	1	1	DS-MAIN/STORE	MATCH	PRODUCT AVAILABLE - NOTHING BROKEN
LOGITECH KEYBOARD MX KEYS MINI	KEYBOARD	LGT-MXKM00021	DS-MAIN/FIXTURE/SUPPLIER/BAL-K04	1	1	DS-MAIN/STORE	MATCH	PRODUCT AVAILABLE - NOTHING BROKEN
ACER KEYBOARD NITRO NKW120 BLACK	KEYBOARD	ACR-NKW12000074	DS-MAIN/FIXTURE/SUPPLIER/BAL-K04	1	1	DS-MAIN/STORE	MATCH	PRODUCT AVAILABLE - NOTHING BROKEN
FANTECH KEYBOARD MAXFIT61 WHITE	KEYBOARD	FNT-MF6100085	DS-MAIN/FIXTURE/SUPPLIER/BAL-K04	1	1	DS-MAIN/STORE	MATCH	PRODUCT AVAILABLE - NOTHING BROKEN
DELUX KEYBOARD K1500 BLACK	KEYBOARD	DKK-K1500B0020	DS-MAIN/FIXTURE/SUPPLIER/BAL-K04	1	1	DS-MAIN/STORE	MATCH	PRODUCT AVAILABLE - NOTHING BROKEN
NYK KEYBOARD K-10 BLACK	KEYBOARD	NYK-K10B00138	DS-MAIN/FIXTURE/SUPPLIER/BAL-K04	1	1	DS-MAIN/STORE	MATCH	PRODUCT AVAILABLE - NOTHING BROKEN
REXUS KEYBOARD K1 WHITE	KEYBOARD	RXS-K1W00019	DS-MAIN/FIXTURE/SUPPLIER/BAL-K04	1	1	DS-MAIN/STORE	MATCH	PRODUCT AVAILABLE - NOTHING BROKEN
LOGITECH KEYBOARD POP KEYS PINK	KEYBOARD	LGT-POPK00079	DS-MAIN/FIXTURE/SUPPLIER/BAL-K04	1	1	DS-MAIN/STORE	MATCH	PRODUCT AVAILABLE - NOTHING BROKEN
DIGITAL ALLIANCE KEYBOARD KM BLACK	KEYBOARD	DGA-KMB0221	DS-MAIN/FIXTURE/SUPPLIER/BAL-K04	1	1	DS-MAIN/STORE	MATCH	PRODUCT AVAILABLE - NOTHING BROKEN
FANTECH KEYBOARD MK855 BLACK	KEYBOARD	FNT-MK855B0042	DS-MAIN/FIXTURE/SUPPLIER/BAL-K04	1	1	DS-MAIN/STORE	MATCH	PRODUCT AVAILABLE - NOTHING BROKEN
DELUX KEYBOARD K5000 WHITE	KEYBOARD	DKK-K5000W0063	DS-MAIN/FIXTURE/SUPPLIER/BAL-K04	1	1	DS-MAIN/STORE	MATCH	PRODUCT AVAILABLE - NOTHING BROKEN
AULA KEYBOARD F2012 BLACK	KEYBOARD	AUL-F2012B0036	DS-MAIN/FIXTURE/SUPPLIER/BAL-K04	1	1	DS-MAIN/STORE	MATCH	PRODUCT AVAILABLE - NOTHING BROKEN
REXUS KEYBOARD MX3 WHITE	KEYBOARD	RXS-MX3W00028	DS-MAIN/FIXTURE/SUPPLIER/BAL-K04	1	1	DS-MAIN/STORE	MATCH	PRODUCT AVAILABLE - NOTHING BROKEN
LOGITECH KEYBOARD K845 BLACK	KEYBOARD	LGT-K845B00159	DS-MAIN/FIXTURE/SUPPLIER/BAL-K04	1	1	DS-MAIN/STORE	MATCH	PRODUCT AVAILABLE - NOTHING BROKEN
MICROPACK KEYBOARD K-205 WHITE	KEYBOARD	MCP-K205W00081	DS-MAIN/FIXTURE/SUPPLIER/BAL-K04	1	1	DS-MAIN/STORE	MATCH	PRODUCT AVAILABLE - NOTHING BROKEN
NYK KEYBOARD K-13 BLACK	KEYBOARD	NYK-K13B00163	DS-MAIN/FIXTURE/SUPPLIER/BAL-K04	1	1	DS-MAIN/STORE	MATCH	PRODUCT AVAILABLE - NOTHING BROKEN
FANTECH KEYBOARD K511 WHITE	KEYBOARD	FNT-K511W00179	DS-MAIN/FIXTURE/SUPPLIER/BAL-K04	1	1	DS-MAIN/STORE	MATCH	PRODUCT AVAILABLE - NOTHING BROKEN
DELUX KEYBOARD K3700 WHITE	KEYBOARD	DKK-K3700W0045	DS-MAIN/FIXTURE/SUPPLIER/BAL-K04	1	1	DS-MAIN/STORE	MATCH	PRODUCT AVAILABLE - NOTHING BROKEN
REXUS KEYBOARD MX11 WHITE	KEYBOARD	RXS-MX11W00068	DS-MAIN/FIXTURE/SUPPLIER/BAL-K04	1	1	DS-MAIN/STORE	MATCH	PRODUCT AVAILABLE - NOTHING BROKEN
LOGITECH KEYBOARD G715 BLACK	KEYBOARD	LGT-G715B00015	DS-MAIN/FIXTURE/SUPPLIER/BAL-K04	1	1	DS-MAIN/STORE	MATCH	PRODUCT AVAILABLE - NOTHING BROKEN
ARMAGGEDDON KEYBOARD MKA-2 WHITE	KEYBOARD	ARM-MKA200172	DS-MAIN/FIXTURE/SUPPLIER/BAL-K04	1	1	DS-MAIN/STORE	MATCH	PRODUCT AVAILABLE - NOTHING BROKEN
FANTECH KEYBOARD ATOM MK876 WHITE	KEYBOARD	FNT-MK876W00091	DS-MAIN/FIXTURE/SUPPLIER/BAL-K04	1	1	DS-MAIN/STORE	MATCH	PRODUCT AVAILABLE - NOTHING BROKEN
DELUX KEYBOARD K6010 BLACK	KEYBOARD	DKK-K6010B0051	DS-MAIN/FIXTURE/SUPPLIER/BAL-K04	1	1	DS-MAIN/STORE	MATCH	PRODUCT AVAILABLE - NOTHING BROKEN
NYK KEYBOARD K-07 WHITE	KEYBOARD	NYK-K07W00195	DS-MAIN/FIXTURE/SUPPLIER/BAL-K04	1	1	DS-MAIN/STORE	MATCH	PRODUCT AVAILABLE - NOTHING BROKEN
REXUS KEYBOARD MX5.2 BLACK	KEYBOARD	RXS-MX52B00071	DS-MAIN/FIXTURE/SUPPLIER/BAL-K04	1	1	DS-MAIN/STORE	MATCH	PRODUCT AVAILABLE - NOTHING BROKEN
LOGITECH KEYBOARD G PRO X BLACK	KEYBOARD	LGT-GPRX00011	DS-MAIN/FIXTURE/SUPPLIER/BAL-K04	1	1	DS-MAIN/STORE	MATCH	PRODUCT AVAILABLE - NOTHING BROKEN
MICROPACK KEYBOARD K-203 WHITE	KEYBOARD	MCP-K203W00064	DS-MAIN/FIXTURE/SUPPLIER/BAL-K04	1	1	DS-MAIN/STORE	MATCH	PRODUCT AVAILABLE - NOTHING BROKEN
FANTECH KEYBOARD K515 TKL BLACK	KEYBOARD	FNT-K515T00073	DS-MAIN/FIXTURE/SUPPLIER/BAL-K04	1	1	DS-MAIN/STORE	MATCH	PRODUCT AVAILABLE - NOTHING BROKEN
DELUX KEYBOARD KA150 BLACK	KEYBOARD	DKK-KA150B0037	DS-MAIN/FIXTURE/SUPPLIER/BAL-K04	1	1	DS-MAIN/STORE	MATCH	PRODUCT AVAILABLE - NOTHING BROKEN
AULA KEYBOARD F3068 BLACK	KEYBOARD	AUL-F3068B0032	DS-MAIN/FIXTURE/SUPPLIER/BAL-K04	1	1	DS-MAIN/STORE	MATCH	PRODUCT AVAILABLE - NOTHING BROKEN
